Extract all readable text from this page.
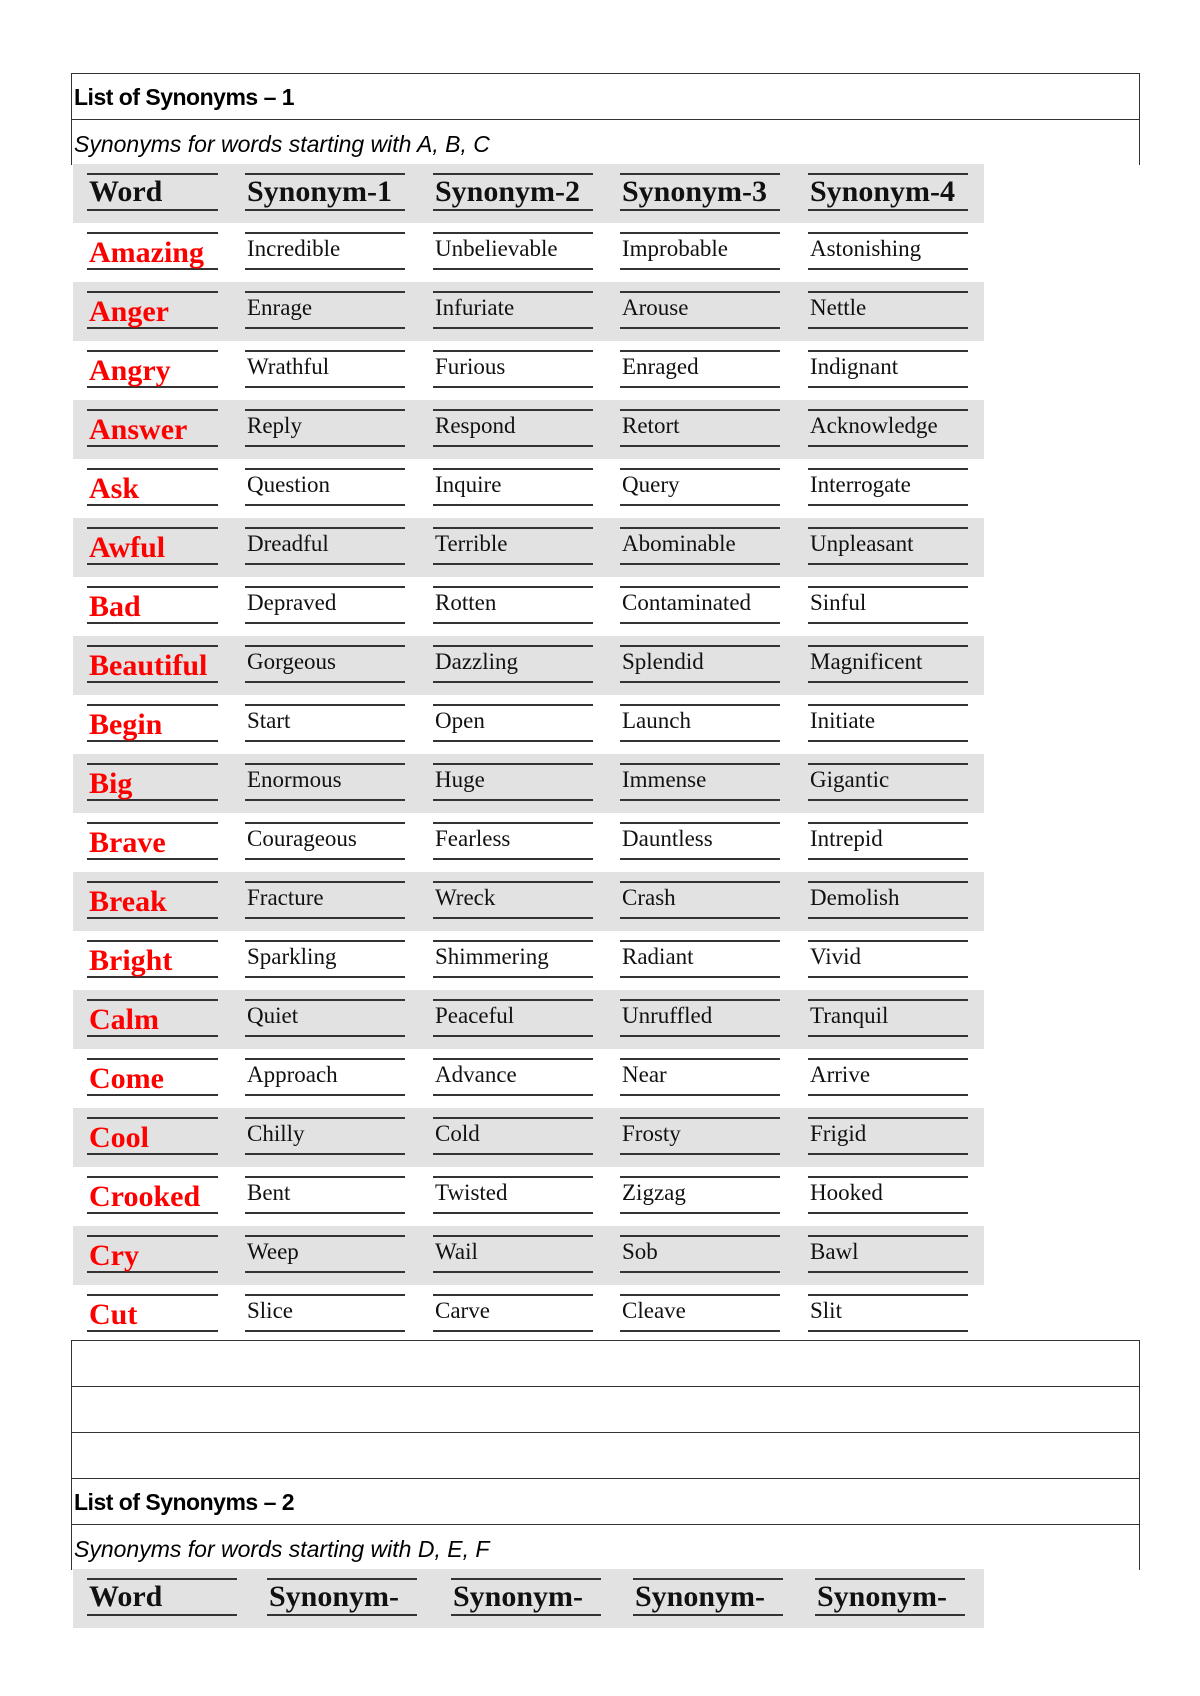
List of Synonyms – 1
Synonyms for words starting with A, B, C
Word	Synonym-1	Synonym-2	Synonym-3	Synonym-4
Amazing	Incredible	Unbelievable	Improbable	Astonishing
Anger	Enrage	Infuriate	Arouse	Nettle
Angry	Wrathful	Furious	Enraged	Indignant
Answer	Reply	Respond	Retort	Acknowledge
Ask	Question	Inquire	Query	Interrogate
Awful	Dreadful	Terrible	Abominable	Unpleasant
Bad	Depraved	Rotten	Contaminated	Sinful
Beautiful	Gorgeous	Dazzling	Splendid	Magnificent
Begin	Start	Open	Launch	Initiate
Big	Enormous	Huge	Immense	Gigantic
Brave	Courageous	Fearless	Dauntless	Intrepid
Break	Fracture	Wreck	Crash	Demolish
Bright	Sparkling	Shimmering	Radiant	Vivid
Calm	Quiet	Peaceful	Unruffled	Tranquil
Come	Approach	Advance	Near	Arrive
Cool	Chilly	Cold	Frosty	Frigid
Crooked	Bent	Twisted	Zigzag	Hooked
Cry	Weep	Wail	Sob	Bawl
Cut	Slice	Carve	Cleave	Slit
List of Synonyms – 2
Synonyms for words starting with D, E, F
Word	Synonym-	Synonym-	Synonym-	Synonym-
